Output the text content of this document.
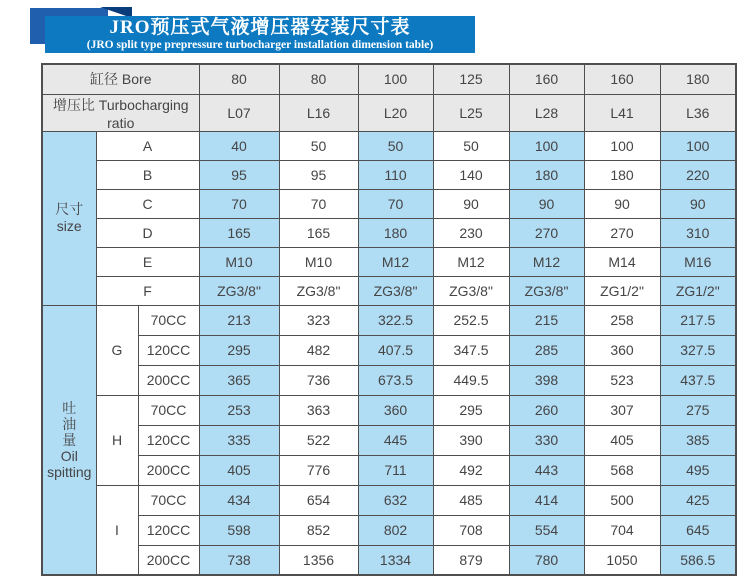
JRO预压式气液增压器安装尺寸表
(JRO split type prepressure turbocharger installation dimension table)
缸径 Bore			80	80	100	125	160	160	180
增压比 Turbocharging ratio			L07	L16	L20	L25	L28	L41	L36
尺寸
size	A		40	50	50	50	100	100	100
	B		95	95	110	140	180	180	220
	C		70	70	70	90	90	90	90
	D		165	165	180	230	270	270	310
	E		M10	M10	M12	M12	M12	M14	M16
	F		ZG3/8"	ZG3/8"	ZG3/8"	ZG3/8"	ZG3/8"	ZG1/2"	ZG1/2"
吐
油
量
Oil
spitting	G	70CC	213	323	322.5	252.5	215	258	217.5
		120CC	295	482	407.5	347.5	285	360	327.5
		200CC	365	736	673.5	449.5	398	523	437.5
	H	70CC	253	363	360	295	260	307	275
		120CC	335	522	445	390	330	405	385
		200CC	405	776	711	492	443	568	495
	I	70CC	434	654	632	485	414	500	425
		120CC	598	852	802	708	554	704	645
		200CC	738	1356	1334	879	780	1050	586.5
